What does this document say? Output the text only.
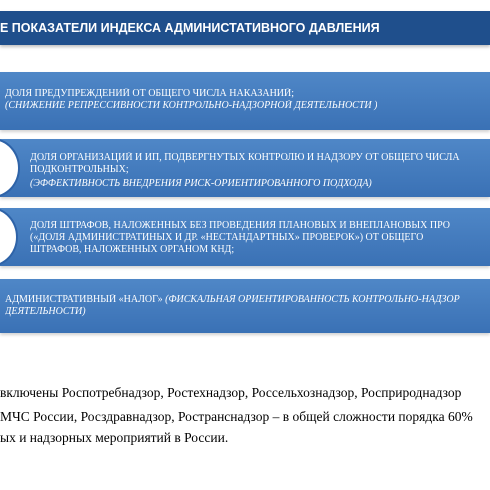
Е ПОКАЗАТЕЛИ ИНДЕКСА АДМИНИСТАТИВНОГО ДАВЛЕНИЯ
ДОЛЯ ПРЕДУПРЕЖДЕНИЙ ОТ ОБЩЕГО ЧИСЛА НАКАЗАНИЙ;
(СНИЖЕНИЕ РЕПРЕССИВНОСТИ КОНТРОЛЬНО-НАДЗОРНОЙ ДЕЯТЕЛЬНОСТИ )
ДОЛЯ ОРГАНИЗАЦИЙ И ИП, ПОДВЕРГНУТЫХ КОНТРОЛЮ И НАДЗОРУ ОТ ОБЩЕГО ЧИСЛА
ПОДКОНТРОЛЬНЫХ;
(ЭФФЕКТИВНОСТЬ ВНЕДРЕНИЯ РИСК-ОРИЕНТИРОВАННОГО ПОДХОДА)
ДОЛЯ ШТРАФОВ, НАЛОЖЕННЫХ БЕЗ ПРОВЕДЕНИЯ ПЛАНОВЫХ И ВНЕПЛАНОВЫХ ПРО
(«ДОЛЯ АДМИНИСТРАТИНЫХ И ДР. «НЕСТАНДАРТНЫХ» ПРОВЕРОК») ОТ ОБЩЕГО
ШТРАФОВ, НАЛОЖЕННЫХ ОРГАНОМ КНД;
АДМИНИСТРАТИВНЫЙ «НАЛОГ» (ФИСКАЛЬНАЯ ОРИЕНТИРОВАННОСТЬ КОНТРОЛЬНО-НАДЗОР
ДЕЯТЕЛЬНОСТИ)
включены Роспотребнадзор, Ростехнадзор, Россельхознадзор, Росприроднадзор
МЧС России, Росздравнадзор, Ространснадзор – в общей сложности порядка 60%
ых и надзорных мероприятий в России.
